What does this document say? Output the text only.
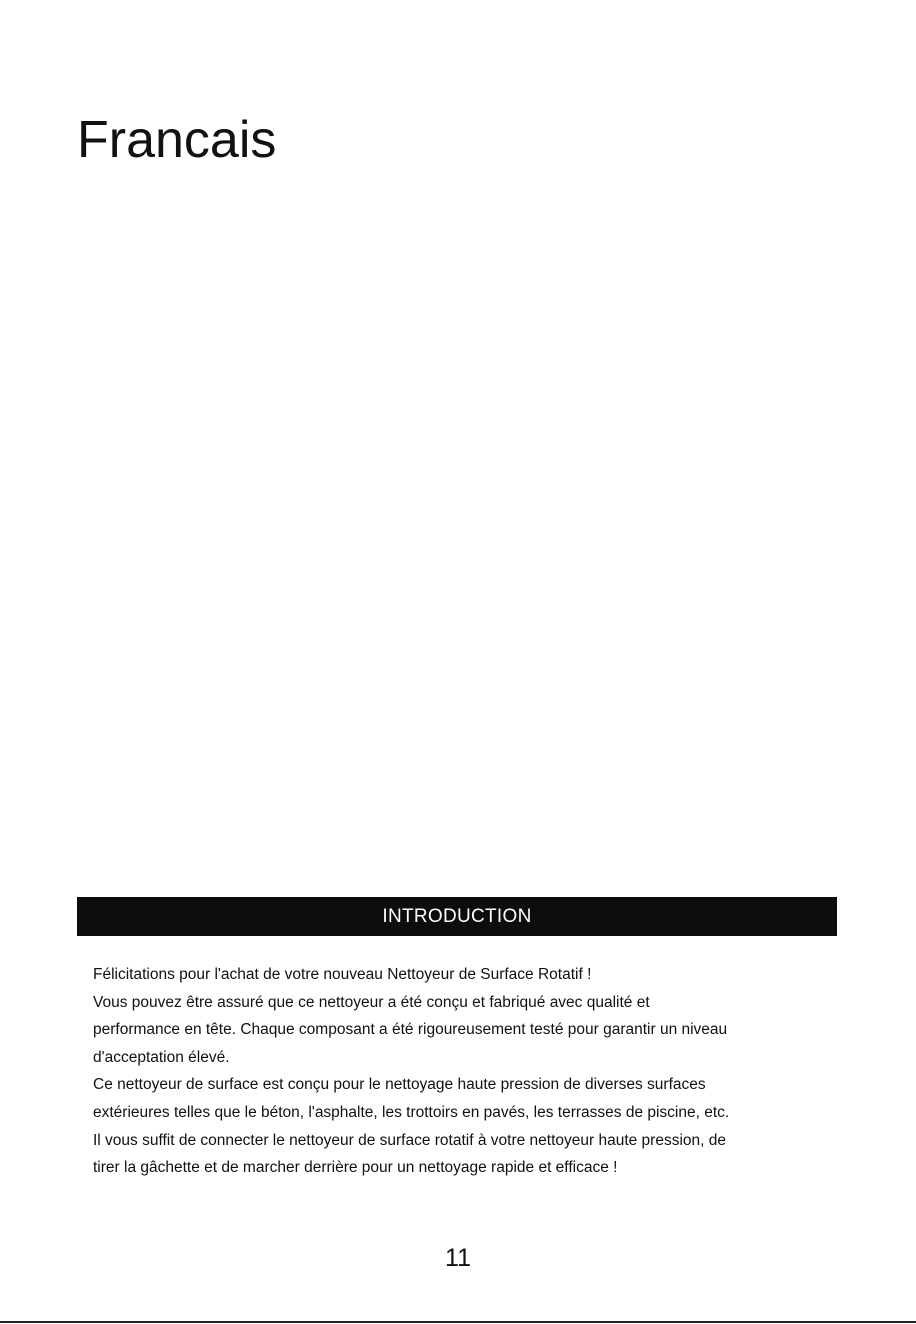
Francais
INTRODUCTION

Félicitations pour l'achat de votre nouveau Nettoyeur de Surface Rotatif !

Vous pouvez être assuré que ce nettoyeur a été conçu et fabriqué avec qualité et

performance en tête. Chaque composant a été rigoureusement testé pour garantir un niveau

d'acceptation élevé.

Ce nettoyeur de surface est conçu pour le nettoyage haute pression de diverses surfaces

extérieures telles que le béton, l'asphalte, les trottoirs en pavés, les terrasses de piscine, etc.

Il vous suffit de connecter le nettoyeur de surface rotatif à votre nettoyeur haute pression, de

tirer la gâchette et de marcher derrière pour un nettoyage rapide et efficace !

11
